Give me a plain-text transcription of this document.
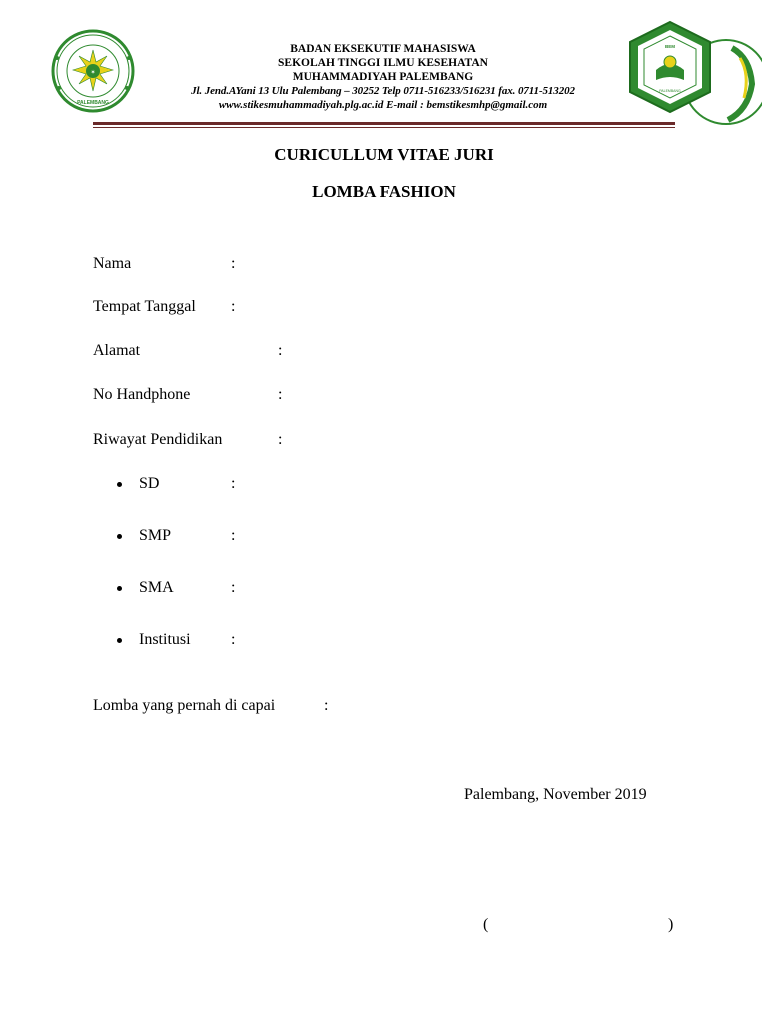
✶
PALEMBANG
BEM
PALEMBANG
BADAN EKSEKUTIF MAHASISWA
SEKOLAH TINGGI ILMU KESEHATAN
MUHAMMADIYAH PALEMBANG
Jl. Jend.AYani 13 Ulu Palembang – 30252 Telp 0711-516233/516231 fax. 0711-513202
www.stikesmuhammadiyah.plg.ac.id E-mail : bemstikesmhp@gmail.com
CURICULLUM VITAE JURI
LOMBA FASHION
Nama	:
Tempat Tanggal :
Alamat	:
No Handphone	:
Riwayat Pendidikan	:
SD	:
SMP	:
SMA	:
Institusi	:
Lomba yang pernah di capai	:
Palembang, November 2019
(	)
